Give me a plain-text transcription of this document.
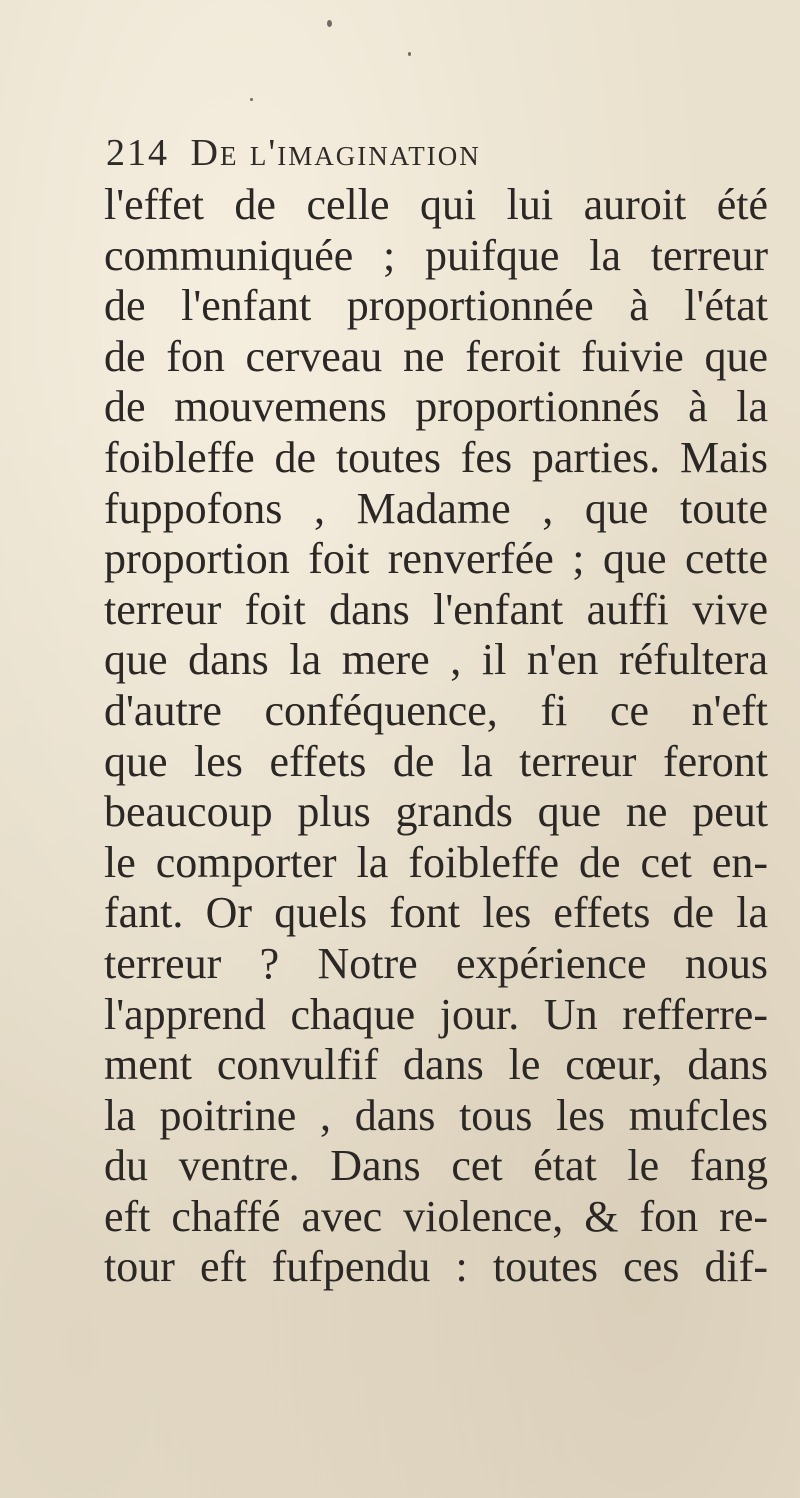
214 De l'imagination
l'effet de celle qui lui auroit été
communiquée ; puifque la terreur
de l'enfant proportionnée à l'état
de fon cerveau ne feroit fuivie que
de mouvemens proportionnés à la
foibleffe de toutes fes parties. Mais
fuppofons , Madame , que toute
proportion foit renverfée ; que cette
terreur foit dans l'enfant auffi vive
que dans la mere , il n'en réfultera
d'autre conféquence, fi ce n'eft
que les effets de la terreur feront
beaucoup plus grands que ne peut
le comporter la foibleffe de cet en-
fant. Or quels font les effets de la
terreur ? Notre expérience nous
l'apprend chaque jour. Un refferre-
ment convulfif dans le cœur, dans
la poitrine , dans tous les mufcles
du ventre. Dans cet état le fang
eft chaffé avec violence, & fon re-
tour eft fufpendu : toutes ces dif-
